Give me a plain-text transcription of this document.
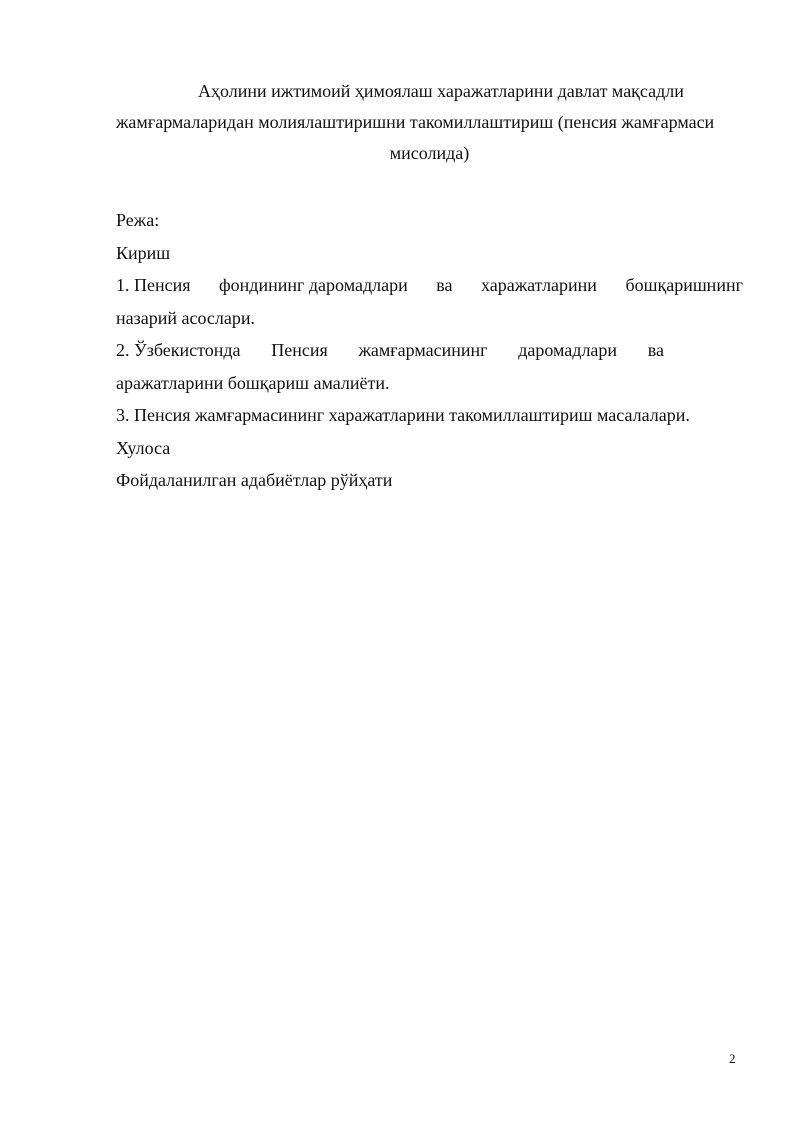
Аҳолини ижтимоий ҳимоялаш харажатларини давлат мақсадли
жамғармаларидан молиялаштиришни такомиллаштириш (пенсия жамғармаси
мисолида)
Режа:
Кириш
1. Пенсия фондининг даромадлари ва харажатларини бошқаришнинг
назарий асослари.
2. Ўзбекистонда Пенсия жамғармасининг даромадлари ва
аражатларини бошқариш амалиёти.
3. Пенсия жамғармасининг харажатларини такомиллаштириш масалалари.
Хулоса
Фойдаланилган адабиётлар рўйҳати
2
